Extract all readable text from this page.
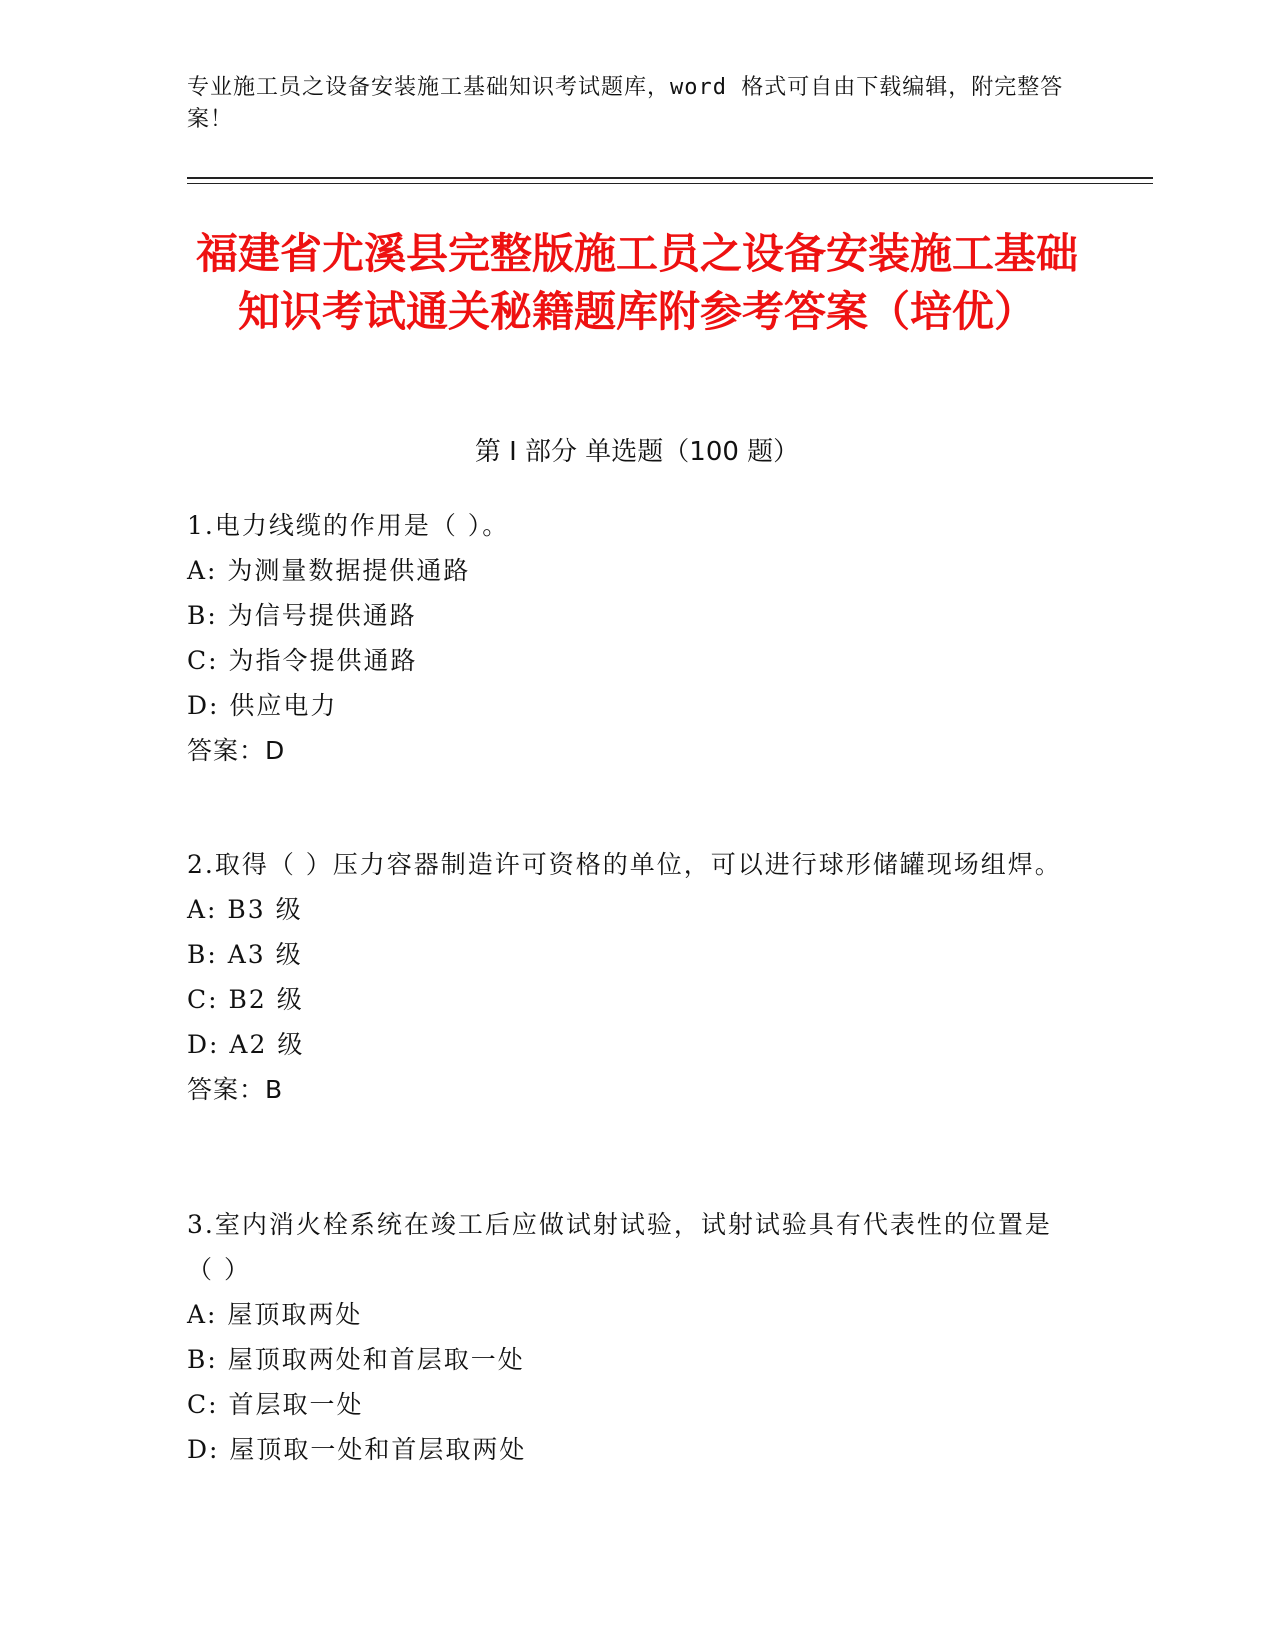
专业施工员之设备安装施工基础知识考试题库，word 格式可自由下载编辑，附完整答案！
福建省尤溪县完整版施工员之设备安装施工基础知识考试通关秘籍题库附参考答案（培优）
第 I 部分 单选题（100 题）
1.电力线缆的作用是（ ）。
A: 为测量数据提供通路
B: 为信号提供通路
C: 为指令提供通路
D: 供应电力
答案：D
2.取得（ ）压力容器制造许可资格的单位，可以进行球形储罐现场组焊。
A: B3 级
B: A3 级
C: B2 级
D: A2 级
答案：B
3.室内消火栓系统在竣工后应做试射试验，试射试验具有代表性的位置是（ ）
A: 屋顶取两处
B: 屋顶取两处和首层取一处
C: 首层取一处
D: 屋顶取一处和首层取两处
